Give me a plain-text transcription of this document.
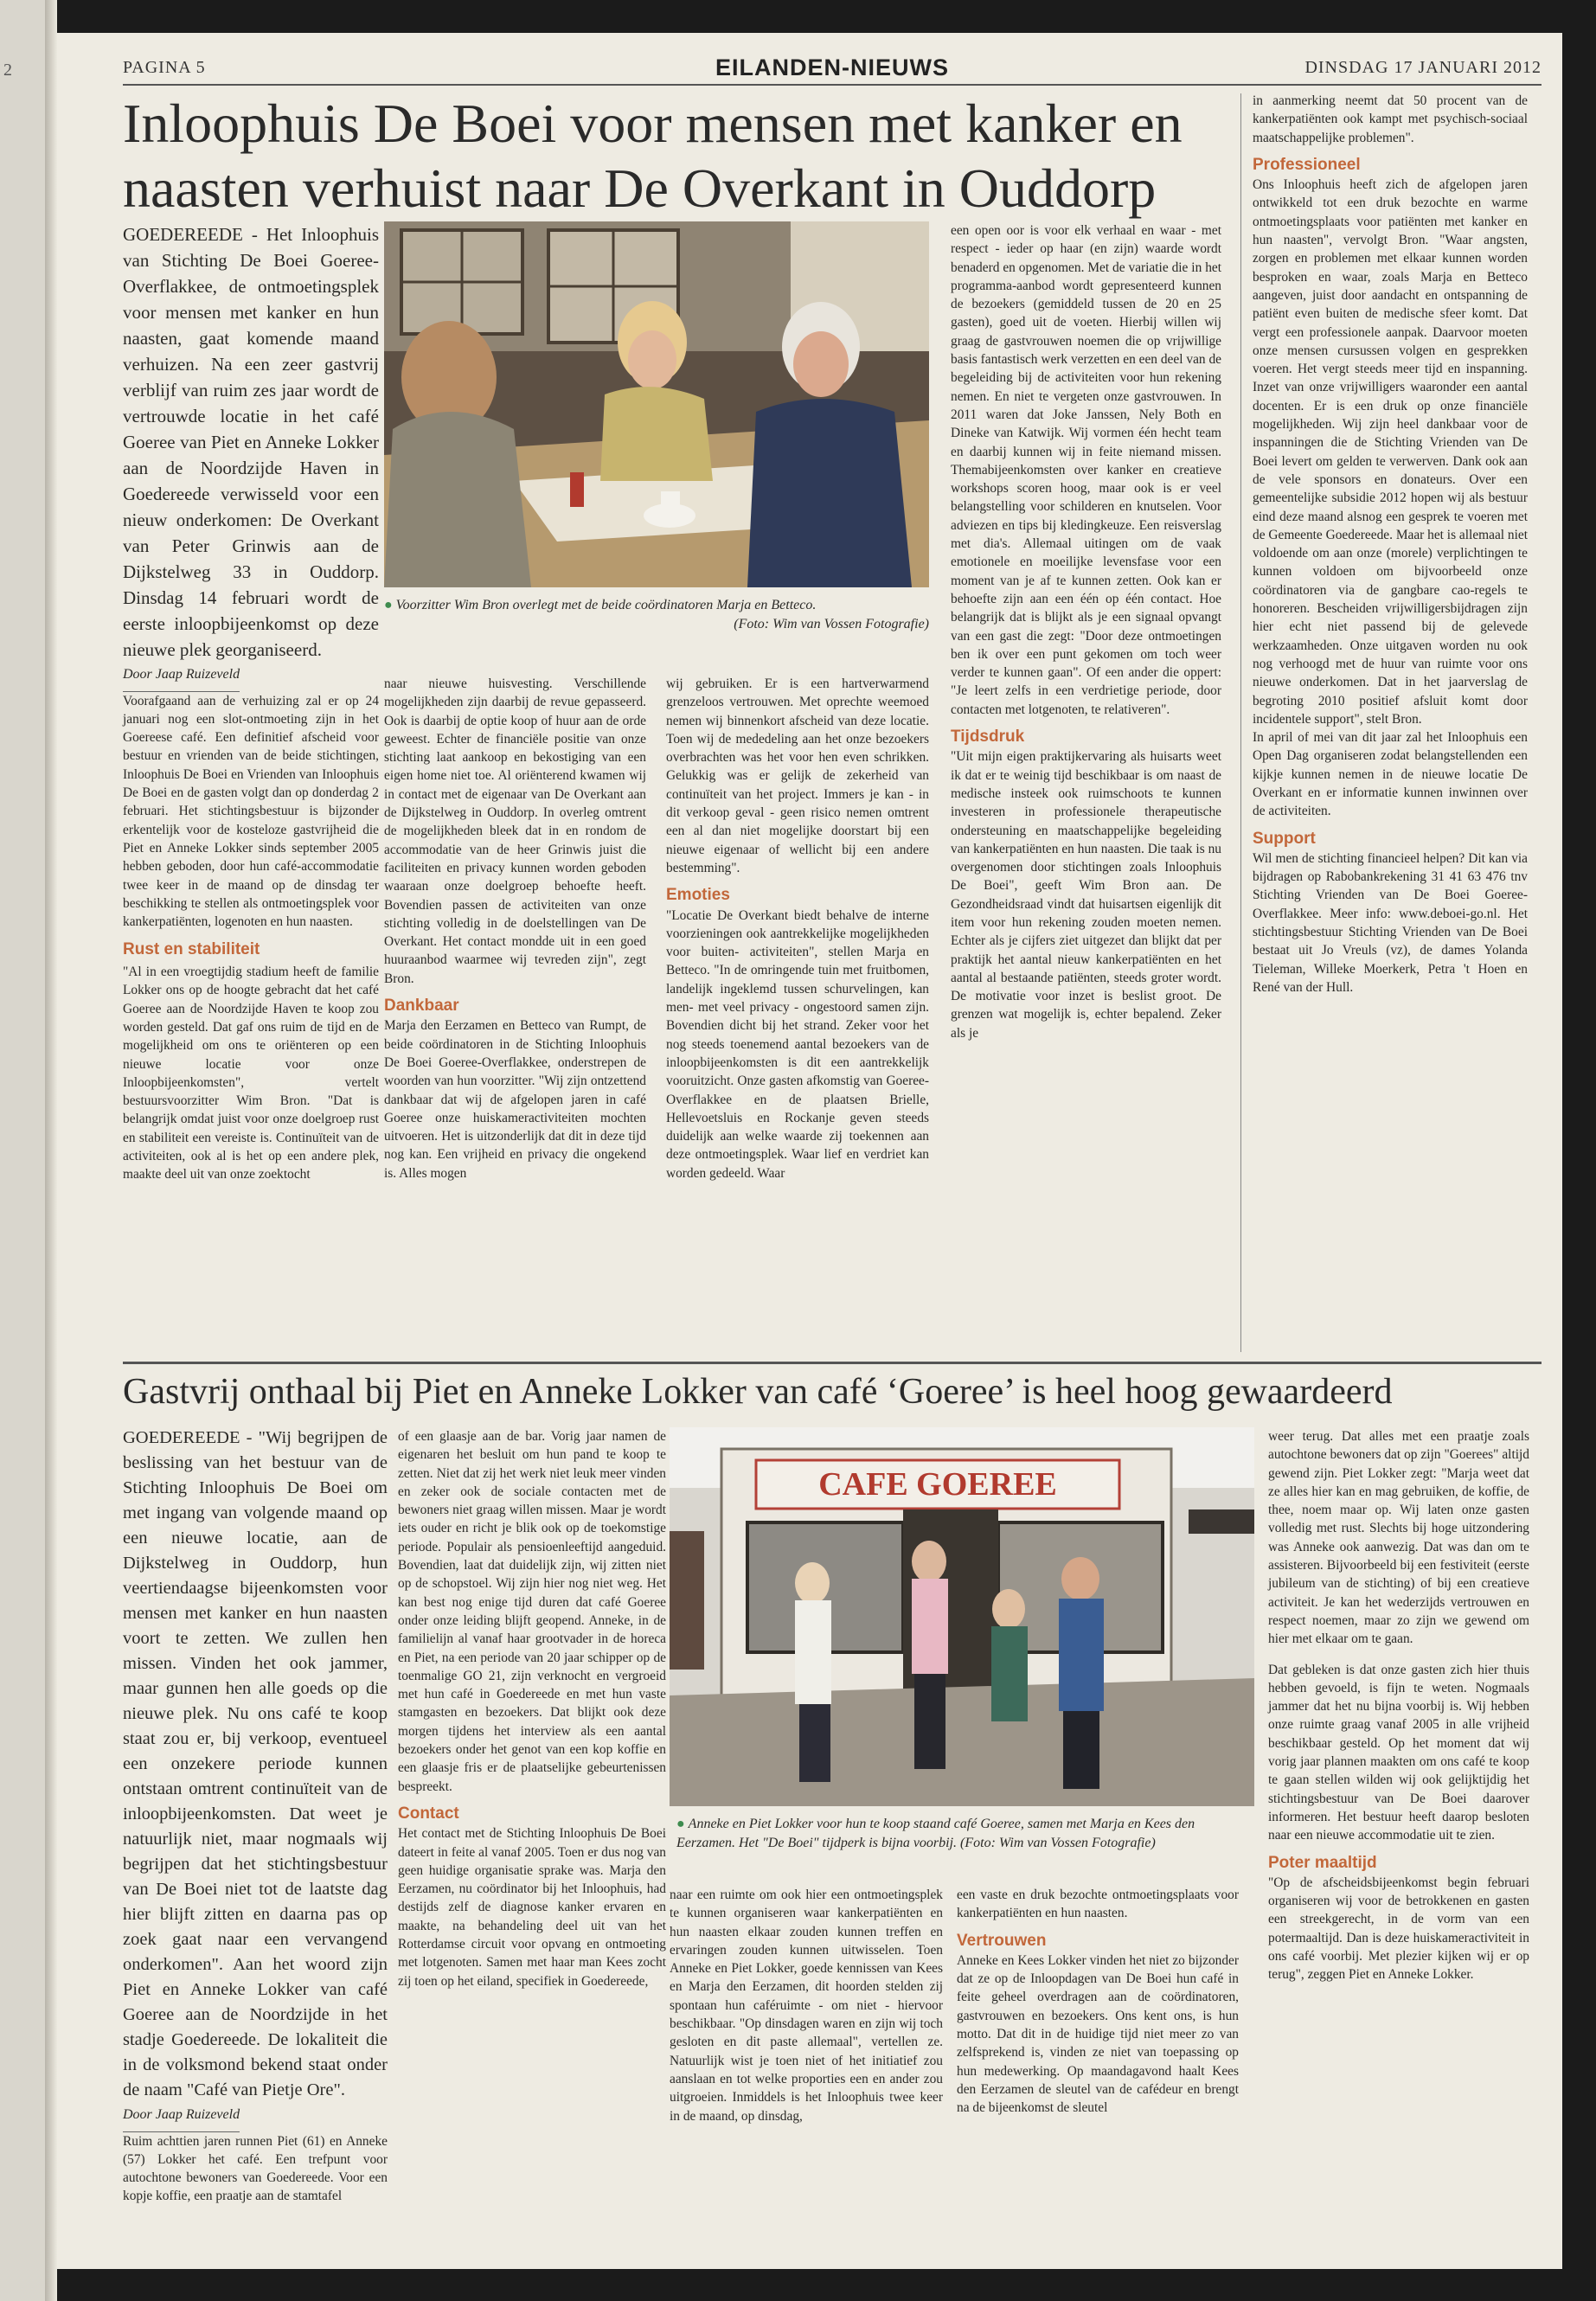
2	PAGINA 5	EILANDEN-NIEUWS	DINSDAG 17 JANUARI 2012
Inloophuis De Boei voor mensen met kanker en naasten verhuist naar De Overkant in Ouddorp

GOEDEREEDE - Het Inloophuis van Stichting De Boei Goeree-Overflakkee, de ontmoetingsplek voor mensen met kanker en hun naasten, gaat komende maand verhuizen. Na een zeer gastvrij verblijf van ruim zes jaar wordt de vertrouwde locatie in het café Goeree van Piet en Anneke Lokker aan de Noordzijde Haven in Goedereede verwisseld voor een nieuw onderkomen: De Overkant van Peter Grinwis aan de Dijkstelweg 33 in Ouddorp. Dinsdag 14 februari wordt de eerste inloopbijeenkomst op deze nieuwe plek georganiseerd.

Door Jaap Ruizeveld

Voorafgaand aan de verhuizing zal er op 24 januari nog een slot-ontmoeting zijn in het Goereese café. Een definitief afscheid voor bestuur en vrienden van de beide stichtingen, Inloophuis De Boei en Vrienden van Inloophuis De Boei en de gasten volgt dan op donderdag 2 februari. Het stichtingsbestuur is bijzonder erkentelijk voor de kosteloze gastvrijheid die Piet en Anneke Lokker sinds september 2005 hebben geboden, door hun café-accommodatie twee keer in de maand op de dinsdag ter beschikking te stellen als ontmoetingsplek voor kankerpatiënten, logenoten en hun naasten.

Rust en stabiliteit

"Al in een vroegtijdig stadium heeft de familie Lokker ons op de hoogte gebracht dat het café Goeree aan de Noordzijde Haven te koop zou worden gesteld. Dat gaf ons ruim de tijd en de mogelijkheid om ons te oriënteren op een nieuwe locatie voor onze Inloopbijeenkomsten", vertelt bestuursvoorzitter Wim Bron. "Dat is belangrijk omdat juist voor onze doelgroep rust en stabiliteit een vereiste is. Continuïteit van de activiteiten, ook al is het op een andere plek, maakte deel uit van onze zoektocht

● Voorzitter Wim Bron overlegt met de beide coördinatoren Marja en Betteco.
(Foto: Wim van Vossen Fotografie)

naar nieuwe huisvesting. Verschillende mogelijkheden zijn daarbij de revue gepasseerd. Ook is daarbij de optie koop of huur aan de orde geweest. Echter de financiële positie van onze stichting laat aankoop en bekostiging van een eigen home niet toe. Al oriënterend kwamen wij in contact met de eigenaar van De Overkant aan de Dijkstelweg in Ouddorp. In overleg omtrent de mogelijkheden bleek dat in en rondom de accommodatie van de heer Grinwis juist die faciliteiten en privacy kunnen worden geboden waaraan onze doelgroep behoefte heeft. Bovendien passen de activiteiten van onze stichting volledig in de doelstellingen van De Overkant. Het contact mondde uit in een goed huuraanbod waarmee wij tevreden zijn", zegt Bron.

Dankbaar

Marja den Eerzamen en Betteco van Rumpt, de beide coördinatoren in de Stichting Inloophuis De Boei Goeree-Overflakkee, onderstrepen de woorden van hun voorzitter. "Wij zijn ontzettend dankbaar dat wij de afgelopen jaren in café Goeree onze huiskameractiviteiten mochten uitvoeren. Het is uitzonderlijk dat dit in deze tijd nog kan. Een vrijheid en privacy die ongekend is. Alles mogen

wij gebruiken. Er is een hartverwarmend grenzeloos vertrouwen. Met oprechte weemoed nemen wij binnenkort afscheid van deze locatie. Toen wij de mededeling aan het onze bezoekers overbrachten was het voor hen even schrikken. Gelukkig was er gelijk de zekerheid van continuïteit van het project. Immers je kan - in dit verkoop geval - geen risico nemen omtrent een al dan niet mogelijke doorstart bij een nieuwe eigenaar of wellicht bij een andere bestemming".

Emoties

"Locatie De Overkant biedt behalve de interne voorzieningen ook aantrekkelijke mogelijkheden voor buiten- activiteiten", stellen Marja en Betteco. "In de omringende tuin met fruitbomen, landelijk ingeklemd tussen schurvelingen, kan men- met veel privacy - ongestoord samen zijn. Bovendien dicht bij het strand. Zeker voor het nog steeds toenemend aantal bezoekers van de inloopbijeenkomsten is dit een aantrekkelijk vooruitzicht. Onze gasten afkomstig van Goeree-Overflakkee en de plaatsen Brielle, Hellevoetsluis en Rockanje geven steeds duidelijk aan welke waarde zij toekennen aan deze ontmoetingsplek. Waar lief en verdriet kan worden gedeeld. Waar

een open oor is voor elk verhaal en waar - met respect - ieder op haar (en zijn) waarde wordt benaderd en opgenomen. Met de variatie die in het programma-aanbod wordt gepresenteerd kunnen de bezoekers (gemiddeld tussen de 20 en 25 gasten), goed uit de voeten. Hierbij willen wij graag de gastvrouwen noemen die op vrijwillige basis fantastisch werk verzetten en een deel van de begeleiding bij de activiteiten voor hun rekening nemen. En niet te vergeten onze gastvrouwen. In 2011 waren dat Joke Janssen, Nely Both en Dineke van Katwijk. Wij vormen één hecht team en daarbij kunnen wij in feite niemand missen. Themabijeenkomsten over kanker en creatieve workshops scoren hoog, maar ook is er veel belangstelling voor schilderen en knutselen. Voor adviezen en tips bij kledingkeuze. Een reisverslag met dia's. Allemaal uitingen om de vaak emotionele en moeilijke levensfase voor een moment van je af te kunnen zetten. Ook kan er behoefte zijn aan een één op één contact. Hoe belangrijk dat is blijkt als je een signaal opvangt van een gast die zegt: "Door deze ontmoetingen ben ik over een punt gekomen om toch weer verder te kunnen gaan". Of een ander die oppert: "Je leert zelfs in een verdrietige periode, door contacten met lotgenoten, te relativeren".

Tijdsdruk

"Uit mijn eigen praktijkervaring als huisarts weet ik dat er te weinig tijd beschikbaar is om naast de medische insteek ook ruimschoots te kunnen investeren in professionele therapeutische ondersteuning en maatschappelijke begeleiding van kankerpatiënten en hun naasten. Die taak is nu overgenomen door stichtingen zoals Inloophuis De Boei", geeft Wim Bron aan. De Gezondheidsraad vindt dat huisartsen eigenlijk dit item voor hun rekening zouden moeten nemen. Echter als je cijfers ziet uitgezet dan blijkt dat per praktijk het aantal nieuw kankerpatiënten en het aantal al bestaande patiënten, steeds groter wordt. De motivatie voor inzet is beslist groot. De grenzen wat mogelijk is, echter bepalend. Zeker als je

in aanmerking neemt dat 50 procent van de kankerpatiënten ook kampt met psychisch-sociaal maatschappelijke problemen".

Professioneel

Ons Inloophuis heeft zich de afgelopen jaren ontwikkeld tot een druk bezochte en warme ontmoetingsplaats voor patiënten met kanker en hun naasten", vervolgt Bron. "Waar angsten, zorgen en problemen met elkaar kunnen worden besproken en waar, zoals Marja en Betteco aangeven, juist door aandacht en ontspanning de patiënt even buiten de medische sfeer komt. Dat vergt een professionele aanpak. Daarvoor moeten onze mensen cursussen volgen en gesprekken voeren. Het vergt steeds meer tijd en inspanning. Inzet van onze vrijwilligers waaronder een aantal docenten. Er is een druk op onze financiële mogelijkheden. Wij zijn heel dankbaar voor de inspanningen die de Stichting Vrienden van De Boei levert om gelden te verwerven. Dank ook aan de vele sponsors en donateurs. Over een gemeentelijke subsidie 2012 hopen wij als bestuur eind deze maand alsnog een gesprek te voeren met de Gemeente Goedereede. Maar het is allemaal niet voldoende om aan onze (morele) verplichtingen te kunnen voldoen om bijvoorbeeld onze coördinatoren via de gangbare cao-regels te honoreren. Bescheiden vrijwilligersbijdragen zijn hier echt niet passend bij de gelevede werkzaamheden. Onze uitgaven worden nu ook nog verhoogd met de huur van ruimte voor ons nieuwe onderkomen. Dat in het jaarverslag de begroting 2010 positief afsluit komt door incidentele support", stelt Bron.

In april of mei van dit jaar zal het Inloophuis een Open Dag organiseren zodat belangstellenden een kijkje kunnen nemen in de nieuwe locatie De Overkant en er informatie kunnen inwinnen over de activiteiten.

Support

Wil men de stichting financieel helpen? Dit kan via bijdragen op Rabobankrekening 31 41 63 476 tnv Stichting Vrienden van De Boei Goeree-Overflakkee. Meer info: www.deboei-go.nl. Het stichtingsbestuur Stichting Vrienden van De Boei bestaat uit Jo Vreuls (vz), de dames Yolanda Tieleman, Willeke Moerkerk, Petra 't Hoen en René van der Hull.

Gastvrij onthaal bij Piet en Anneke Lokker van café ‘Goeree’ is heel hoog gewaardeerd

GOEDEREEDE - "Wij begrijpen de beslissing van het bestuur van de Stichting Inloophuis De Boei om met ingang van volgende maand op een nieuwe locatie, aan de Dijkstelweg in Ouddorp, hun veertiendaagse bijeenkomsten voor mensen met kanker en hun naasten voort te zetten. We zullen hen missen. Vinden het ook jammer, maar gunnen hen alle goeds op die nieuwe plek. Nu ons café te koop staat zou er, bij verkoop, eventueel een onzekere periode kunnen ontstaan omtrent continuïteit van de inloopbijeenkomsten. Dat weet je natuurlijk niet, maar nogmaals wij begrijpen dat het stichtingsbestuur van De Boei niet tot de laatste dag hier blijft zitten en daarna pas op zoek gaat naar een vervangend onderkomen". Aan het woord zijn Piet en Anneke Lokker van café Goeree aan de Noordzijde in het stadje Goedereede. De lokaliteit die in de volksmond bekend staat onder de naam "Café van Pietje Ore".

Door Jaap Ruizeveld

Ruim achttien jaren runnen Piet (61) en Anneke (57) Lokker het café. Een trefpunt voor autochtone bewoners van Goedereede. Voor een kopje koffie, een praatje aan de stamtafel

of een glaasje aan de bar. Vorig jaar namen de eigenaren het besluit om hun pand te koop te zetten. Niet dat zij het werk niet leuk meer vinden en zeker ook de sociale contacten met de bewoners niet graag willen missen. Maar je wordt iets ouder en richt je blik ook op de toekomstige periode. Populair als pensioenleeftijd aangeduid. Bovendien, laat dat duidelijk zijn, wij zitten niet op de schopstoel. Wij zijn hier nog niet weg. Het kan best nog enige tijd duren dat café Goeree onder onze leiding blijft geopend. Anneke, in de familielijn al vanaf haar grootvader in de horeca en Piet, na een periode van 20 jaar schipper op de toenmalige GO 21, zijn verknocht en vergroeid met hun café in Goedereede en met hun vaste stamgasten en bezoekers. Dat blijkt ook deze morgen tijdens het interview als een aantal bezoekers onder het genot van een kop koffie en een glaasje fris er de plaatselijke gebeurtenissen bespreekt.

Contact

Het contact met de Stichting Inloophuis De Boei dateert in feite al vanaf 2005. Toen er dus nog van geen huidige organisatie sprake was. Marja den Eerzamen, nu coördinator bij het Inloophuis, had destijds zelf de diagnose kanker ervaren en maakte, na behandeling deel uit van het Rotterdamse circuit voor opvang en ontmoeting met lotgenoten. Samen met haar man Kees zocht zij toen op het eiland, specifiek in Goedereede,

CAFE GOEREE
● Anneke en Piet Lokker voor hun te koop staand café Goeree, samen met Marja en Kees den Eerzamen. Het "De Boei" tijdperk is bijna voorbij. (Foto: Wim van Vossen Fotografie)

naar een ruimte om ook hier een ontmoetingsplek te kunnen organiseren waar kankerpatiënten en hun naasten elkaar zouden kunnen treffen en ervaringen zouden kunnen uitwisselen. Toen Anneke en Piet Lokker, goede kennissen van Kees en Marja den Eerzamen, dit hoorden stelden zij spontaan hun caféruimte - om niet - hiervoor beschikbaar. "Op dinsdagen waren en zijn wij toch gesloten en dit paste allemaal", vertellen ze. Natuurlijk wist je toen niet of het initiatief zou aanslaan en tot welke proporties een en ander zou uitgroeien. Inmiddels is het Inloophuis twee keer in de maand, op dinsdag,

een vaste en druk bezochte ontmoetingsplaats voor kankerpatiënten en hun naasten.

Vertrouwen

Anneke en Kees Lokker vinden het niet zo bijzonder dat ze op de Inloopdagen van De Boei hun café in feite geheel overdragen aan de coördinatoren, gastvrouwen en bezoekers. Ons kent ons, is hun motto. Dat dit in de huidige tijd niet meer zo van zelfsprekend is, vinden ze niet van toepassing op hun medewerking. Op maandagavond haalt Kees den Eerzamen de sleutel van de cafédeur en brengt na de bijeenkomst de sleutel

weer terug. Dat alles met een praatje zoals autochtone bewoners dat op zijn "Goerees" altijd gewend zijn. Piet Lokker zegt: "Marja weet dat ze alles hier kan en mag gebruiken, de koffie, de thee, noem maar op. Wij laten onze gasten volledig met rust. Slechts bij hoge uitzondering was Anneke ook aanwezig. Dat was dan om te assisteren. Bijvoorbeeld bij een festiviteit (eerste jubileum van de stichting) of bij een creatieve activiteit. Je kan het wederzijds vertrouwen en respect noemen, maar zo zijn we gewend om hier met elkaar om te gaan.

Dat gebleken is dat onze gasten zich hier thuis hebben gevoeld, is fijn te weten. Nogmaals jammer dat het nu bijna voorbij is. Wij hebben onze ruimte graag vanaf 2005 in alle vrijheid beschikbaar gesteld. Op het moment dat wij vorig jaar plannen maakten om ons café te koop te gaan stellen wilden wij ook gelijktijdig het stichtingsbestuur van De Boei daarover informeren. Het bestuur heeft daarop besloten naar een nieuwe accommodatie uit te zien.

Poter maaltijd

"Op de afscheidsbijeenkomst begin februari organiseren wij voor de betrokkenen en gasten een streekgerecht, in de vorm van een potermaaltijd. Dan is deze huiskameractiviteit in ons café voorbij. Met plezier kijken wij er op terug", zeggen Piet en Anneke Lokker.
